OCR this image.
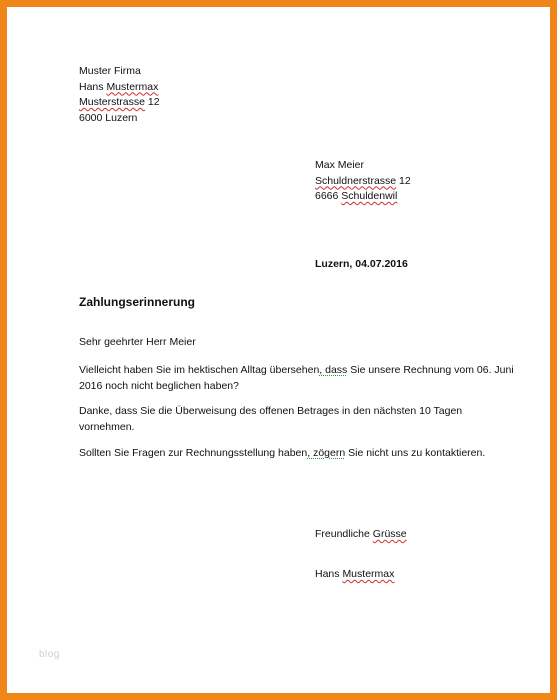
Muster Firma
Hans Mustermax
Musterstrasse 12
6000 Luzern
Max Meier
Schuldnerstrasse 12
6666 Schuldenwil
Luzern, 04.07.2016
Zahlungserinnerung
Sehr geehrter Herr Meier
Vielleicht haben Sie im hektischen Alltag übersehen, dass Sie unsere Rechnung vom 06. Juni
2016 noch nicht beglichen haben?
Danke, dass Sie die Überweisung des offenen Betrages in den nächsten 10 Tagen
vornehmen.
Sollten Sie Fragen zur Rechnungsstellung haben, zögern Sie nicht uns zu kontaktieren.
Freundliche Grüsse
Hans Mustermax
blog
